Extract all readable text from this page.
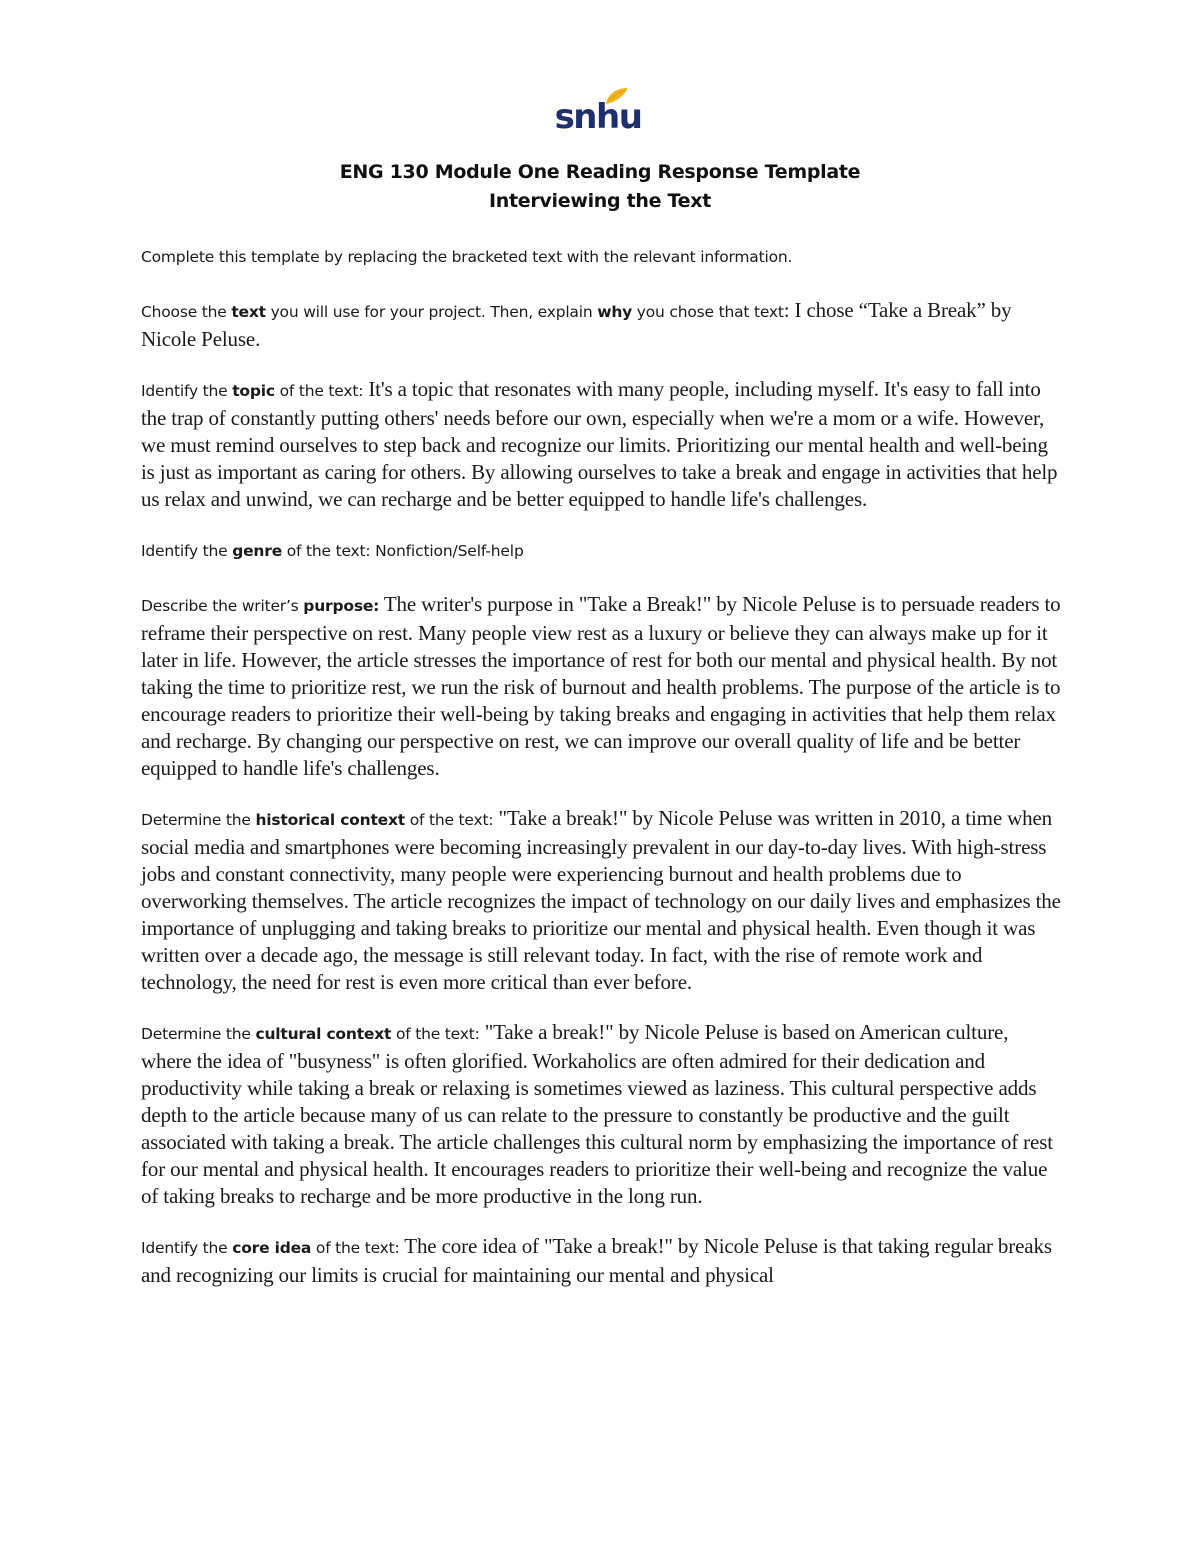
snhu
ENG 130 Module One Reading Response Template
Interviewing the Text

Complete this template by replacing the bracketed text with the relevant information.

Choose the text you will use for your project. Then, explain why you chose that text: I chose “Take a Break” by Nicole Peluse.

Identify the topic of the text: It's a topic that resonates with many people, including myself. It's easy to fall into the trap of constantly putting others' needs before our own, especially when we're a mom or a wife. However, we must remind ourselves to step back and recognize our limits. Prioritizing our mental health and well-being is just as important as caring for others. By allowing ourselves to take a break and engage in activities that help us relax and unwind, we can recharge and be better equipped to handle life's challenges.

Identify the genre of the text: Nonfiction/Self-help

Describe the writer’s purpose: The writer's purpose in "Take a Break!" by Nicole Peluse is to persuade readers to reframe their perspective on rest. Many people view rest as a luxury or believe they can always make up for it later in life. However, the article stresses the importance of rest for both our mental and physical health. By not taking the time to prioritize rest, we run the risk of burnout and health problems. The purpose of the article is to encourage readers to prioritize their well-being by taking breaks and engaging in activities that help them relax and recharge. By changing our perspective on rest, we can improve our overall quality of life and be better equipped to handle life's challenges.

Determine the historical context of the text: "Take a break!" by Nicole Peluse was written in 2010, a time when social media and smartphones were becoming increasingly prevalent in our day-to-day lives. With high-stress jobs and constant connectivity, many people were experiencing burnout and health problems due to overworking themselves. The article recognizes the impact of technology on our daily lives and emphasizes the importance of unplugging and taking breaks to prioritize our mental and physical health. Even though it was written over a decade ago, the message is still relevant today. In fact, with the rise of remote work and technology, the need for rest is even more critical than ever before.

Determine the cultural context of the text: "Take a break!" by Nicole Peluse is based on American culture, where the idea of "busyness" is often glorified. Workaholics are often admired for their dedication and productivity while taking a break or relaxing is sometimes viewed as laziness. This cultural perspective adds depth to the article because many of us can relate to the pressure to constantly be productive and the guilt associated with taking a break. The article challenges this cultural norm by emphasizing the importance of rest for our mental and physical health. It encourages readers to prioritize their well-being and recognize the value of taking breaks to recharge and be more productive in the long run.

Identify the core idea of the text: The core idea of "Take a break!" by Nicole Peluse is that taking regular breaks and recognizing our limits is crucial for maintaining our mental and physical
